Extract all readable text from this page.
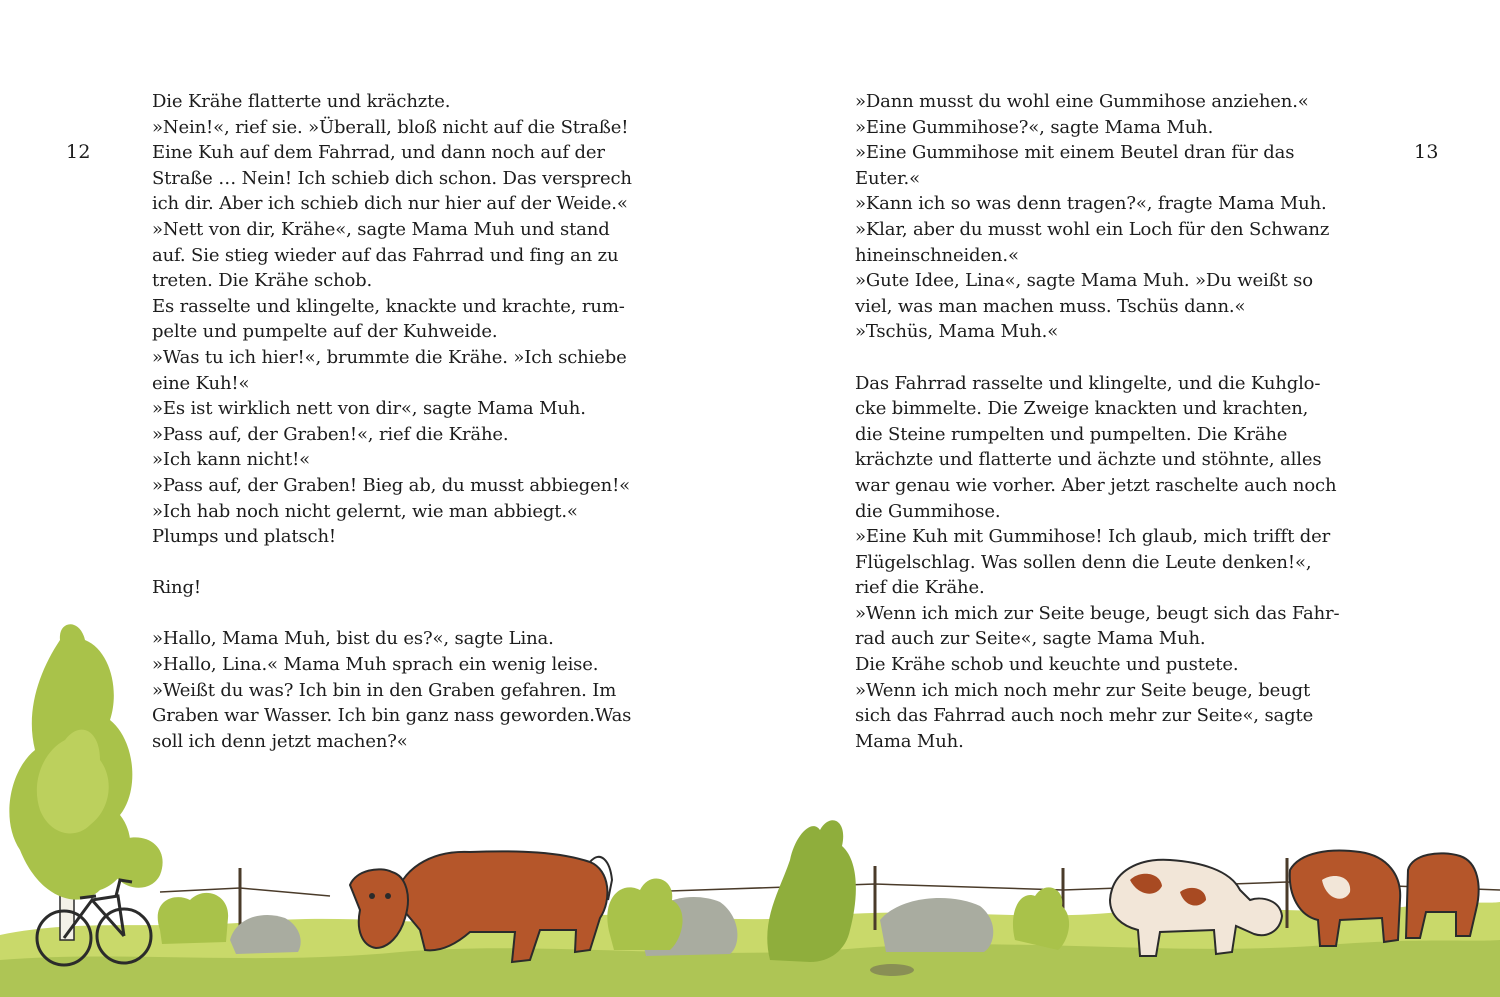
12	13
Die Krähe flatterte und krächzte.
»Nein!«, rief sie. »Überall, bloß nicht auf die Straße!
Eine Kuh auf dem Fahrrad, und dann noch auf der
Straße … Nein! Ich schieb dich schon. Das versprech
ich dir. Aber ich schieb dich nur hier auf der Weide.«
»Nett von dir, Krähe«, sagte Mama Muh und stand
auf. Sie stieg wieder auf das Fahrrad und fing an zu
treten. Die Krähe schob.
Es rasselte und klingelte, knackte und krachte, rum-
pelte und pumpelte auf der Kuhweide.
»Was tu ich hier!«, brummte die Krähe. »Ich schiebe
eine Kuh!«
»Es ist wirklich nett von dir«, sagte Mama Muh.
»Pass auf, der Graben!«, rief die Krähe.
»Ich kann nicht!«
»Pass auf, der Graben! Bieg ab, du musst abbiegen!«
»Ich hab noch nicht gelernt, wie man abbiegt.«
Plumps und platsch!
Ring!
»Hallo, Mama Muh, bist du es?«, sagte Lina.
»Hallo, Lina.« Mama Muh sprach ein wenig leise.
»Weißt du was? Ich bin in den Graben gefahren. Im
Graben war Wasser. Ich bin ganz nass geworden.Was
soll ich denn jetzt machen?«
»Dann musst du wohl eine Gummihose anziehen.«
»Eine Gummihose?«, sagte Mama Muh.
»Eine Gummihose mit einem Beutel dran für das
Euter.«
»Kann ich so was denn tragen?«, fragte Mama Muh.
»Klar, aber du musst wohl ein Loch für den Schwanz
hineinschneiden.«
»Gute Idee, Lina«, sagte Mama Muh. »Du weißt so
viel, was man machen muss. Tschüs dann.«
»Tschüs, Mama Muh.«
Das Fahrrad rasselte und klingelte, und die Kuhglo-
cke bimmelte. Die Zweige knackten und krachten,
die Steine rumpelten und pumpelten. Die Krähe
krächzte und flatterte und ächzte und stöhnte, alles
war genau wie vorher. Aber jetzt raschelte auch noch
die Gummihose.
»Eine Kuh mit Gummihose! Ich glaub, mich trifft der
Flügelschlag. Was sollen denn die Leute denken!«,
rief die Krähe.
»Wenn ich mich zur Seite beuge, beugt sich das Fahr-
rad auch zur Seite«, sagte Mama Muh.
Die Krähe schob und keuchte und pustete.
»Wenn ich mich noch mehr zur Seite beuge, beugt
sich das Fahrrad auch noch mehr zur Seite«, sagte
Mama Muh.
